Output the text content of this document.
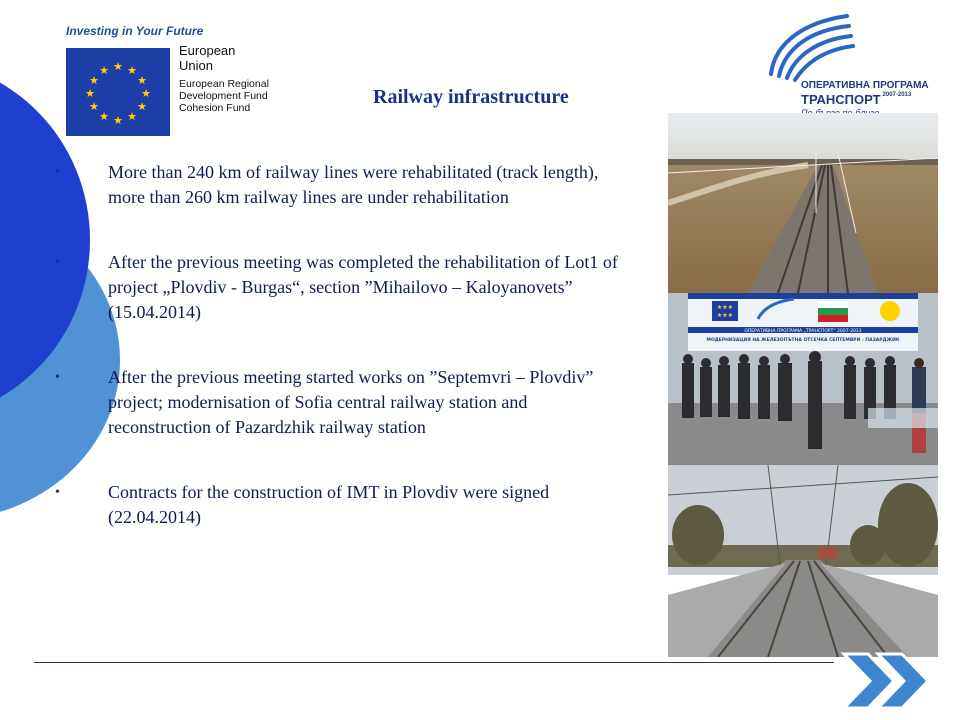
Investing in Your Future
★ ★
★
★
★
★
★
★
★
★
★
★
European
Union
European Regional
Development Fund
Cohesion Fund
ОПЕРАТИВНА ПРОГРАМА
ТРАНСПОРТ $^{2007-2013}$
Railway infrastructure
•	More than 240 km of railway lines were rehabilitated (track length), more than 260 km railway lines are under rehabilitation
•	After the previous meeting was completed the rehabilitation of Lot1 of project „Plovdiv - Burgas“, section ”Mihailovo – Kaloyanovets” (15.04.2014)
•	After the previous meeting started works on ”Septemvri – Plovdiv” project; modernisation of Sofia central railway station and reconstruction of Pazardzhik railway station
•	Contracts for the construction of IMT in Plovdiv were signed (22.04.2014)
★★★
★★★
ОПЕРАТИВНА ПРОГРАМА „ТРАНСПОРТ“ 2007-2013
МОДЕРНИЗАЦИЯ НА ЖЕЛЕЗОПЪТНА ОТСЕЧКА СЕПТЕМВРИ - ПАЗАРДЖИК
